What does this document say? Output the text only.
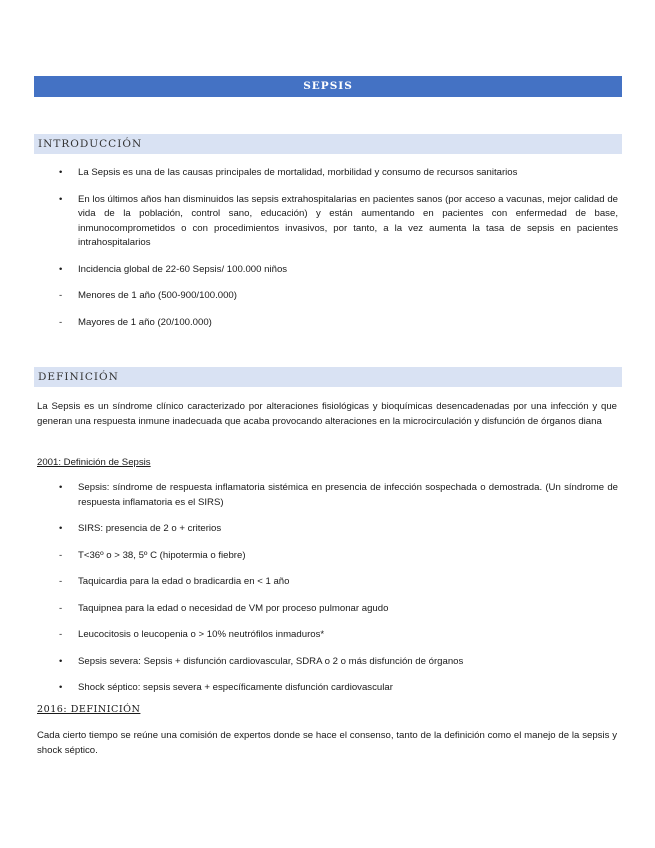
SEPSIS
INTRODUCCIÓN
• La Sepsis es una de las causas principales de mortalidad, morbilidad y consumo de recursos sanitarios
• En los últimos años han disminuidos las sepsis extrahospitalarias en pacientes sanos (por acceso a vacunas, mejor calidad de vida de la población, control sano, educación) y están aumentando en pacientes con enfermedad de base, inmunocomprometidos o con procedimientos invasivos, por tanto, a la vez aumenta la tasa de sepsis en pacientes intrahospitalarios
• Incidencia global de 22-60 Sepsis/ 100.000 niños
- Menores de 1 año (500-900/100.000)
- Mayores de 1 año (20/100.000)
DEFINICIÓN

La Sepsis es un síndrome clínico caracterizado por alteraciones fisiológicas y bioquímicas desencadenadas por una infección y que generan una respuesta inmune inadecuada que acaba provocando alteraciones en la microcirculación y disfunción de órganos diana

2001: Definición de Sepsis

• Sepsis: síndrome de respuesta inflamatoria sistémica en presencia de infección sospechada o demostrada. (Un síndrome de respuesta inflamatoria es el SIRS)
• SIRS: presencia de 2 o + criterios
- T<36º o > 38, 5º C (hipotermia o fiebre)
- Taquicardia para la edad o bradicardia en < 1 año
- Taquipnea para la edad o necesidad de VM por proceso pulmonar agudo
- Leucocitosis o leucopenia o > 10% neutrófilos inmaduros*
• Sepsis severa: Sepsis + disfunción cardiovascular, SDRA o 2 o más disfunción de órganos
• Shock séptico: sepsis severa + específicamente disfunción cardiovascular

2016: DEFINICIÓN

Cada cierto tiempo se reúne una comisión de expertos donde se hace el consenso, tanto de la definición como el manejo de la sepsis y shock séptico.
